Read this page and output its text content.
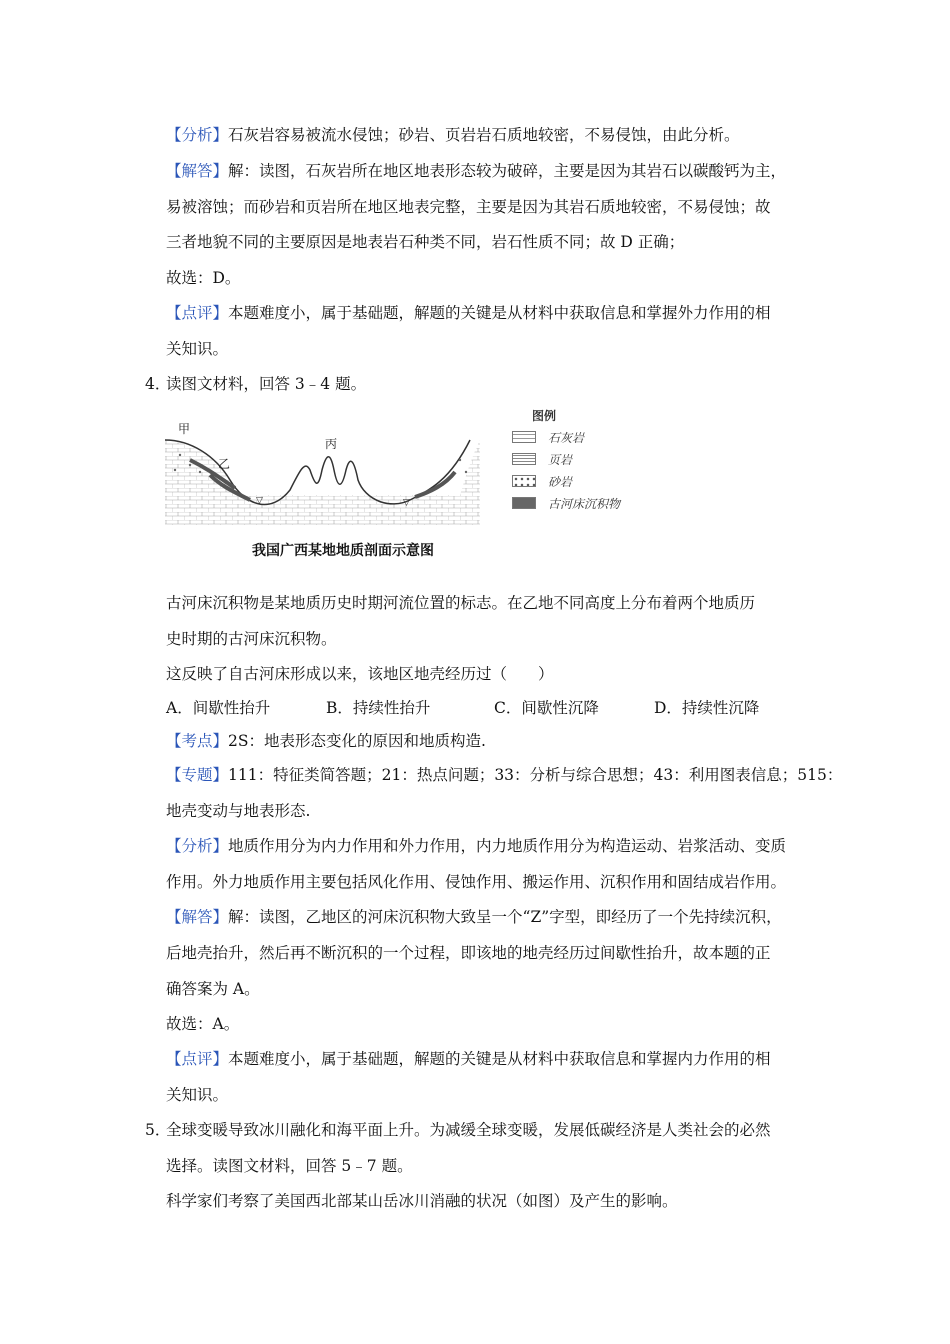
【分析】石灰岩容易被流水侵蚀；砂岩、页岩岩石质地较密，不易侵蚀，由此分析。
【解答】解：读图，石灰岩所在地区地表形态较为破碎，主要是因为其岩石以碳酸钙为主，
易被溶蚀；而砂岩和页岩所在地区地表完整，主要是因为其岩石质地较密，不易侵蚀；故
三者地貌不同的主要原因是地表岩石种类不同，岩石性质不同；故 D 正确；
故选：D。
【点评】本题难度小，属于基础题，解题的关键是从材料中获取信息和掌握外力作用的相
关知识。
4．
读图文材料，回答 3﹣4 题。
▽	▽
甲
乙
丙
图例
石灰岩
页岩
砂岩
古河床沉积物
我国广西某地地质剖面示意图
古河床沉积物是某地质历史时期河流位置的标志。在乙地不同高度上分布着两个地质历
史时期的古河床沉积物。
这反映了自古河床形成以来，该地区地壳经历过（　　）
A．间歇性抬升	B．持续性抬升	C．间歇性沉降	D．持续性沉降
【考点】2S：地表形态变化的原因和地质构造.
【专题】111：特征类简答题；21：热点问题；33：分析与综合思想；43：利用图表信息；515：
地壳变动与地表形态.
【分析】地质作用分为内力作用和外力作用，内力地质作用分为构造运动、岩浆活动、变质
作用。外力地质作用主要包括风化作用、侵蚀作用、搬运作用、沉积作用和固结成岩作用。
【解答】解：读图，乙地区的河床沉积物大致呈一个“Z”字型，即经历了一个先持续沉积，
后地壳抬升，然后再不断沉积的一个过程，即该地的地壳经历过间歇性抬升，故本题的正
确答案为 A。
故选：A。
【点评】本题难度小，属于基础题，解题的关键是从材料中获取信息和掌握内力作用的相
关知识。
5．
全球变暖导致冰川融化和海平面上升。为减缓全球变暖，发展低碳经济是人类社会的必然
选择。读图文材料，回答 5﹣7 题。
科学家们考察了美国西北部某山岳冰川消融的状况（如图）及产生的影响。
